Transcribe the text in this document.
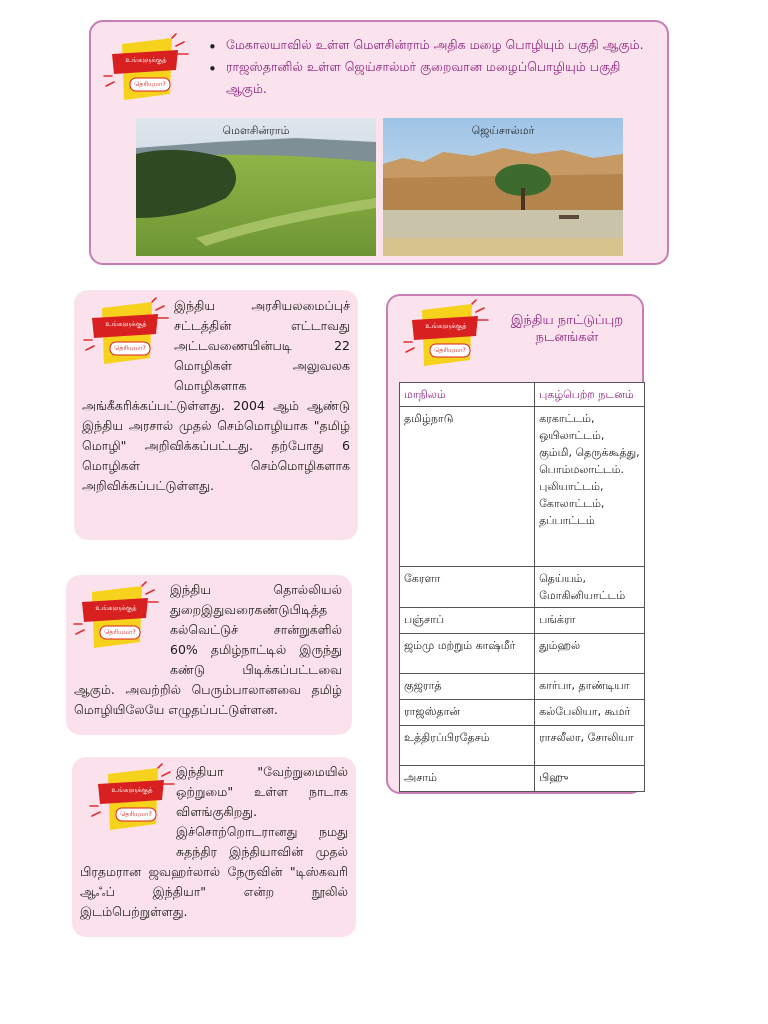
உங்களுக்குத்
தெரியுமா?
• மேகாலயாவில் உள்ள மௌசின்ராம் அதிக மழை பொழியும் பகுதி ஆகும்.
• ராஜஸ்தானில் உள்ள ஜெய்சால்மர் குறைவான மழைப்பொழியும் பகுதி ஆகும்.
மௌசின்ராம்	ஜெய்சால்மர்
உங்களுக்குத்
தெரியுமா?
இந்திய அரசியலமைப்புச் சட்டத்தின் எட்டாவது அட்டவணையின்படி 22 மொழிகள் அலுவலக மொழிகளாக அங்கீகரிக்கப்பட்டுள்ளது. 2004 ஆம் ஆண்டு இந்திய அரசால் முதல் செம்மொழியாக "தமிழ் மொழி" அறிவிக்கப்பட்டது. தற்போது 6 மொழிகள் செம்மொழிகளாக அறிவிக்கப்பட்டுள்ளது.
உங்களுக்குத்
தெரியுமா?
இந்திய தொல்லியல் துறைஇதுவரைகண்டுபிடித்த கல்வெட்டுச் சான்றுகளில் 60% தமிழ்நாட்டில் இருந்து கண்டு பிடிக்கப்பட்டவை ஆகும். அவற்றில் பெரும்பாலானவை தமிழ் மொழியிலேயே எழுதப்பட்டுள்ளன.
உங்களுக்குத்
தெரியுமா?
இந்தியா "வேற்றுமையில் ஒற்றுமை" உள்ள நாடாக விளங்குகிறது. இச்சொற்றொடரானது நமது சுதந்திர இந்தியாவின் முதல் பிரதமரான ஜவஹர்லால் நேருவின் "டிஸ்கவரி ஆஃப் இந்தியா" என்ற நூலில் இடம்பெற்றுள்ளது.
உங்களுக்குத்
தெரியுமா?
இந்திய நாட்டுப்புற நடனங்கள்
மாநிலம்	புகழ்பெற்ற நடனம்
தமிழ்நாடு	கரகாட்டம், ஒயிலாட்டம், கும்மி, தெருக்கூத்து, பொம்மலாட்டம். புலியாட்டம், கோலாட்டம், தப்பாட்டம்
கேரளா	தெய்யம், மோகினியாட்டம்
பஞ்சாப்	பங்க்ரா
ஜம்மு மற்றும் காஷ்மீர்	தும்ஹல்
குஜராத்	கார்பா, தாண்டியா
ராஜஸ்தான்	கல்பேலியா, கூமர்
உத்திரப்பிரதேசம்	ராசலீலா, சோலியா
அசாம்	பிஹு
